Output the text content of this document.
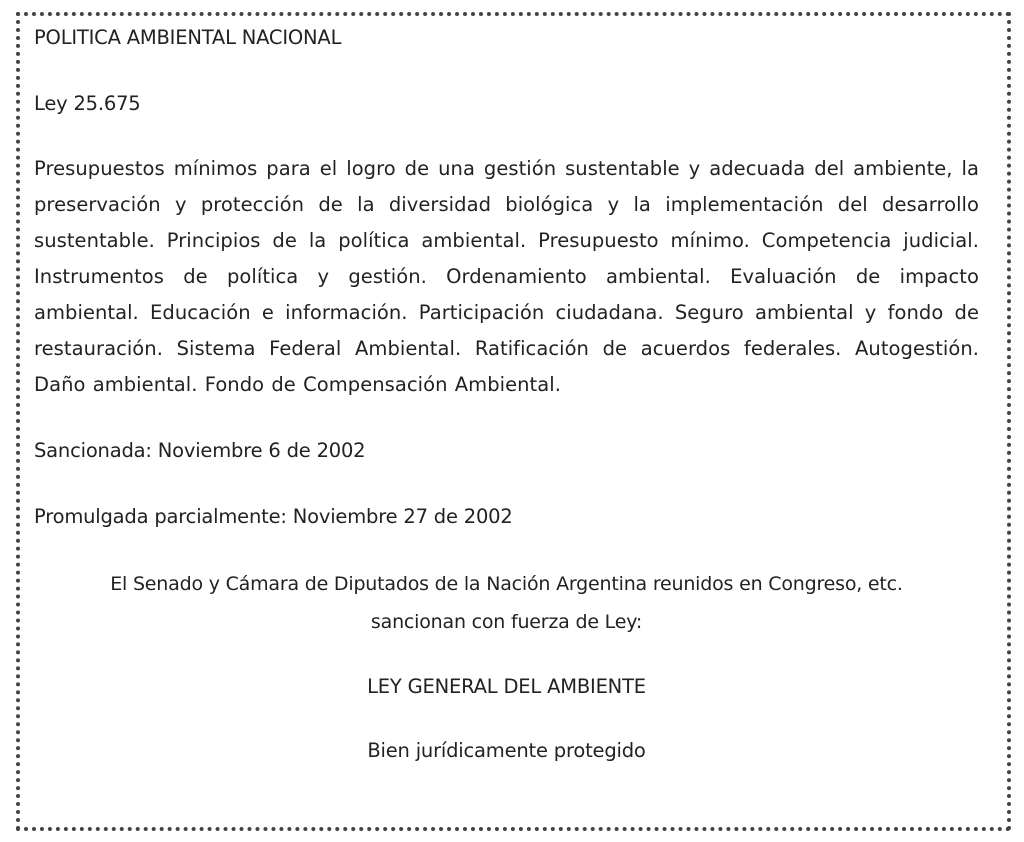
POLITICA AMBIENTAL NACIONAL

Ley 25.675

Presupuestos mínimos para el logro de una gestión sustentable y adecuada del ambiente, la preservación y protección de la diversidad biológica y la implementación del desarrollo sustentable. Principios de la política ambiental. Presupuesto mínimo. Competencia judicial. Instrumentos de política y gestión. Ordenamiento ambiental. Evaluación de impacto ambiental. Educación e información. Participación ciudadana. Seguro ambiental y fondo de restauración. Sistema Federal Ambiental. Ratificación de acuerdos federales. Autogestión. Daño ambiental. Fondo de Compensación Ambiental.

Sancionada: Noviembre 6 de 2002

Promulgada parcialmente: Noviembre 27 de 2002

El Senado y Cámara de Diputados de la Nación Argentina reunidos en Congreso, etc.
sancionan con fuerza de Ley:

LEY GENERAL DEL AMBIENTE

Bien jurídicamente protegido
